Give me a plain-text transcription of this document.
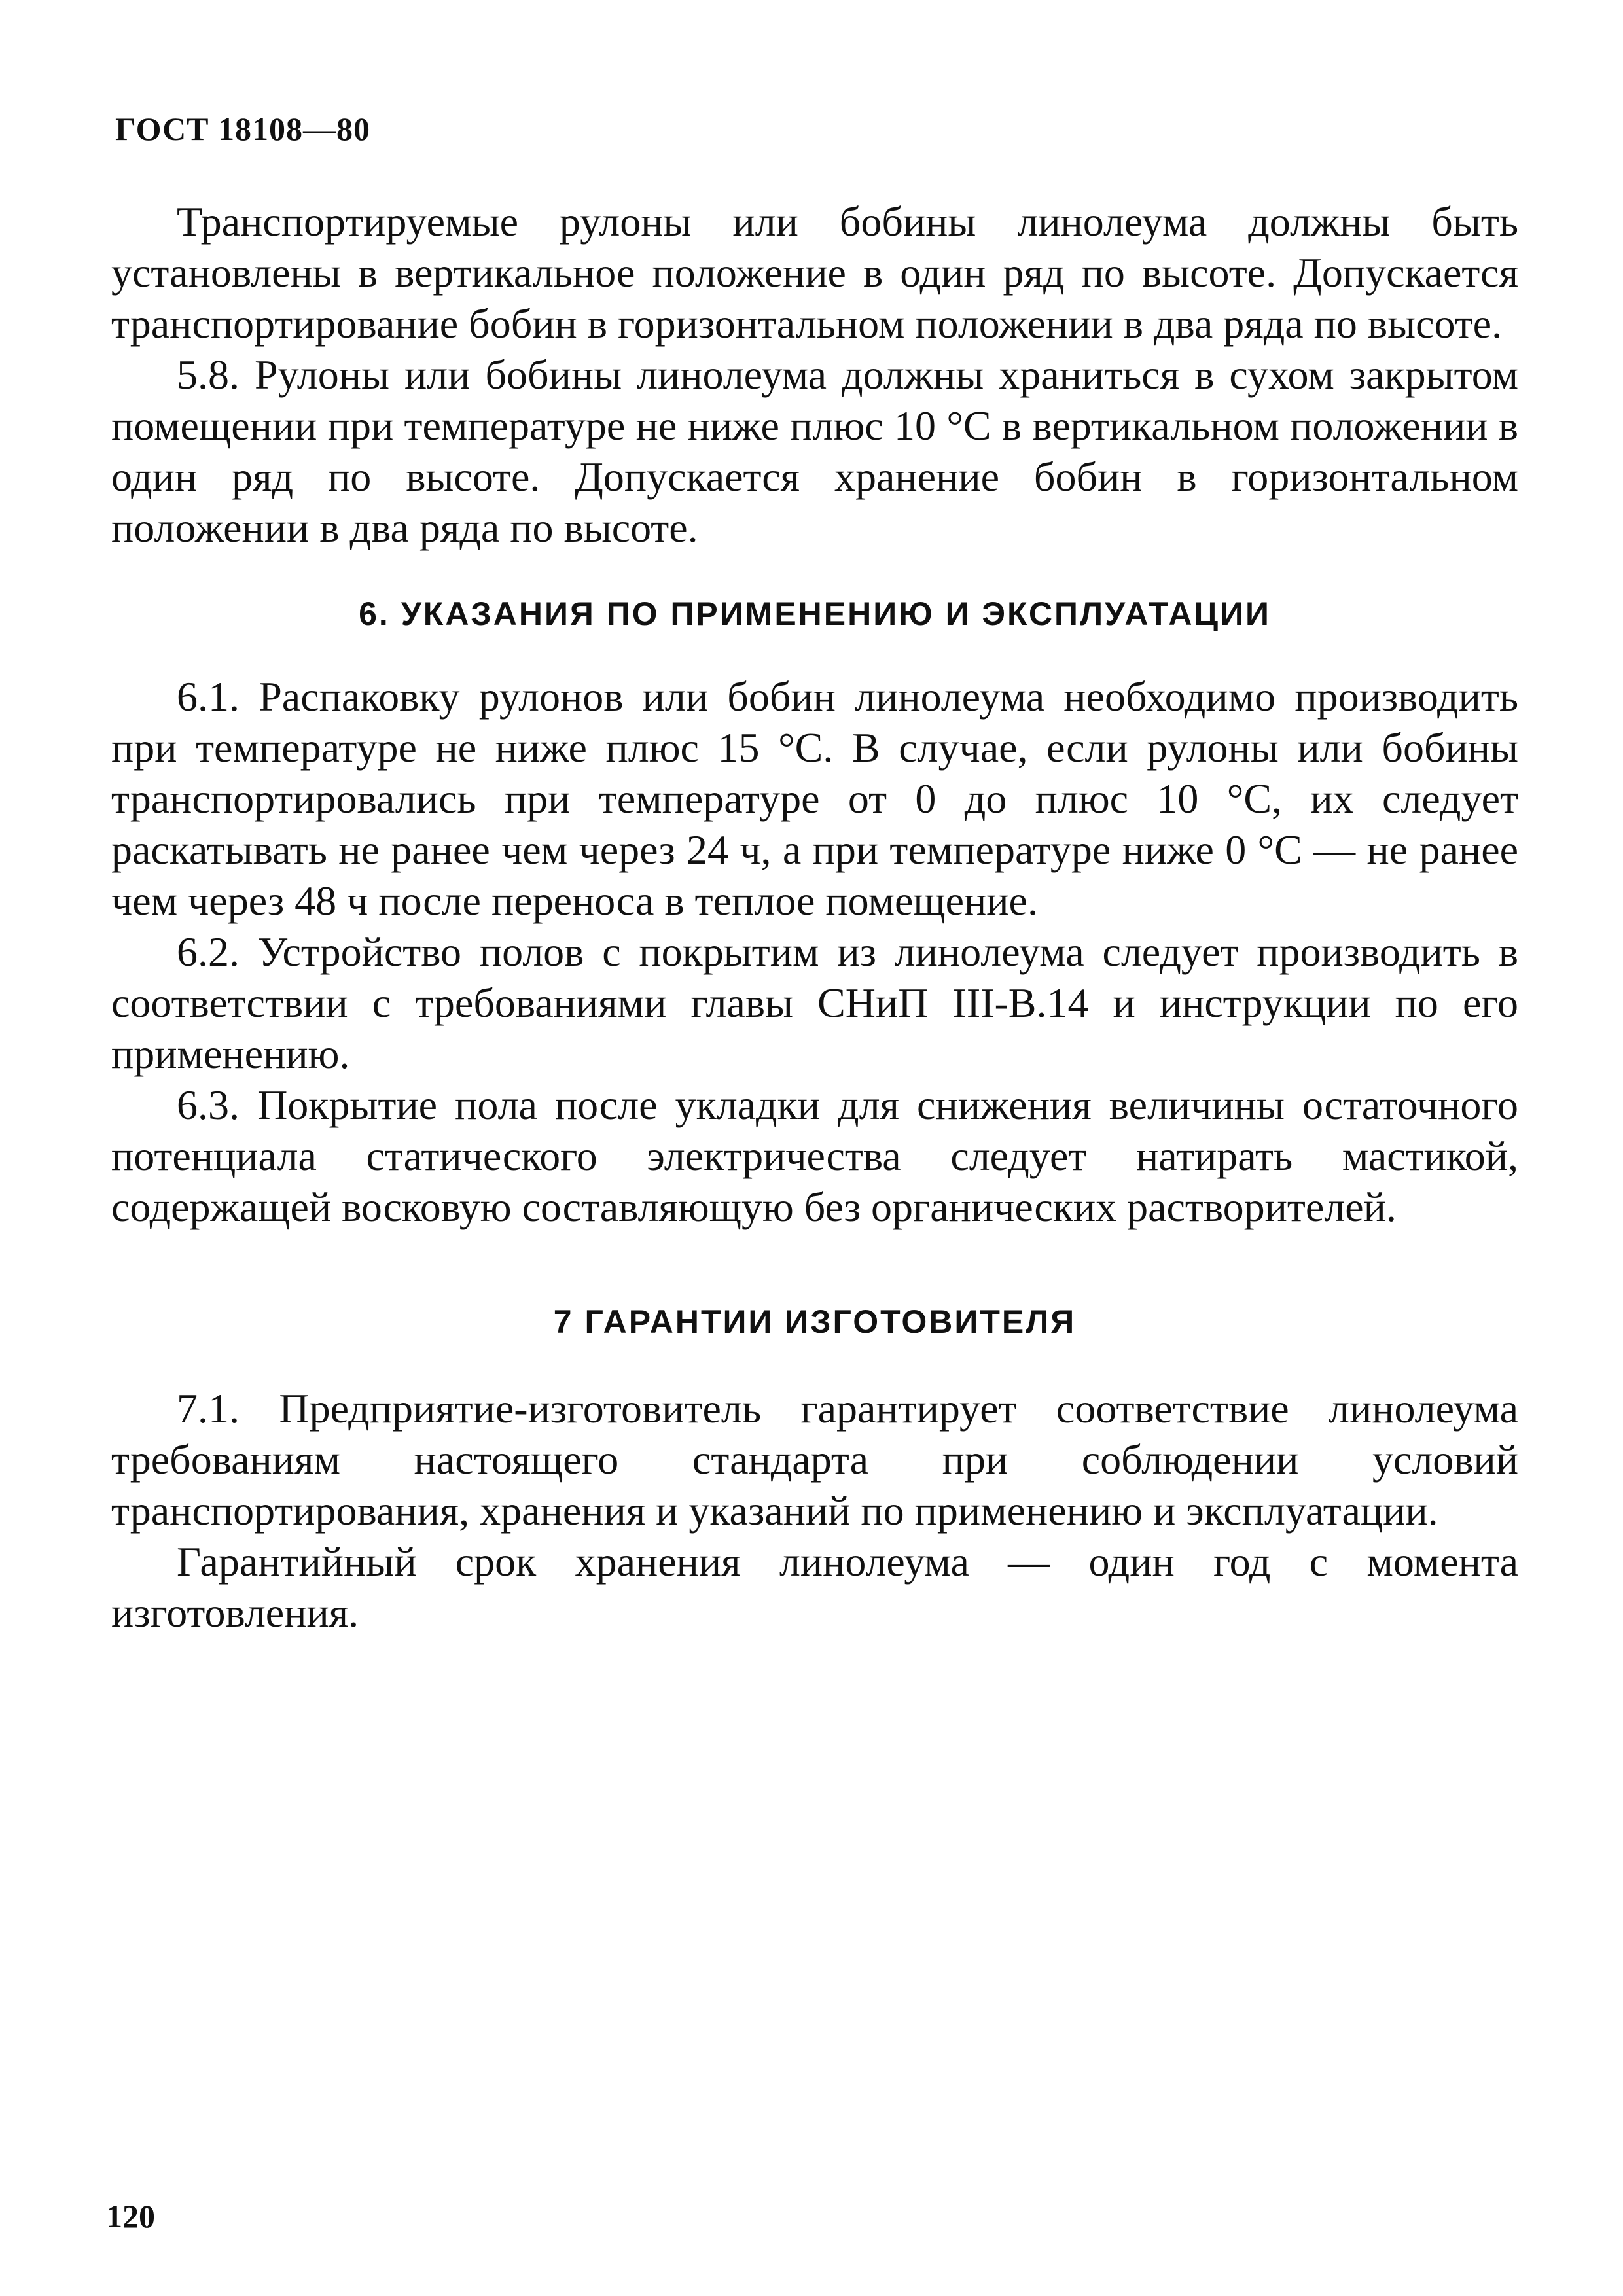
ГОСТ 18108—80

Транспортируемые рулоны или бобины линолеума должны быть установлены в вертикальное положение в один ряд по высоте. Допускается транспортирование бобин в горизонтальном положении в два ряда по высоте.

5.8. Рулоны или бобины линолеума должны храниться в сухом закрытом помещении при температуре не ниже плюс 10 °С в вертикальном положении в один ряд по высоте. Допускается хранение бобин в горизонтальном положении в два ряда по высоте.

6. УКАЗАНИЯ ПО ПРИМЕНЕНИЮ И ЭКСПЛУАТАЦИИ

6.1. Распаковку рулонов или бобин линолеума необходимо производить при температуре не ниже плюс 15 °С. В случае, если рулоны или бобины транспортировались при температуре от 0 до плюс 10 °С, их следует раскатывать не ранее чем через 24 ч, а при температуре ниже 0 °С — не ранее чем через 48 ч после переноса в теплое помещение.

6.2. Устройство полов с покрытим из линолеума следует производить в соответствии с требованиями главы СНиП III-В.14 и инструкции по его применению.

6.3. Покрытие пола после укладки для снижения величины остаточного потенциала статического электричества следует натирать мастикой, содержащей восковую составляющую без органических растворителей.

7 ГАРАНТИИ ИЗГОТОВИТЕЛЯ

7.1. Предприятие-изготовитель гарантирует соответствие линолеума требованиям настоящего стандарта при соблюдении условий транспортирования, хранения и указаний по применению и эксплуатации.

Гарантийный срок хранения линолеума — один год с момента изготовления.

120
